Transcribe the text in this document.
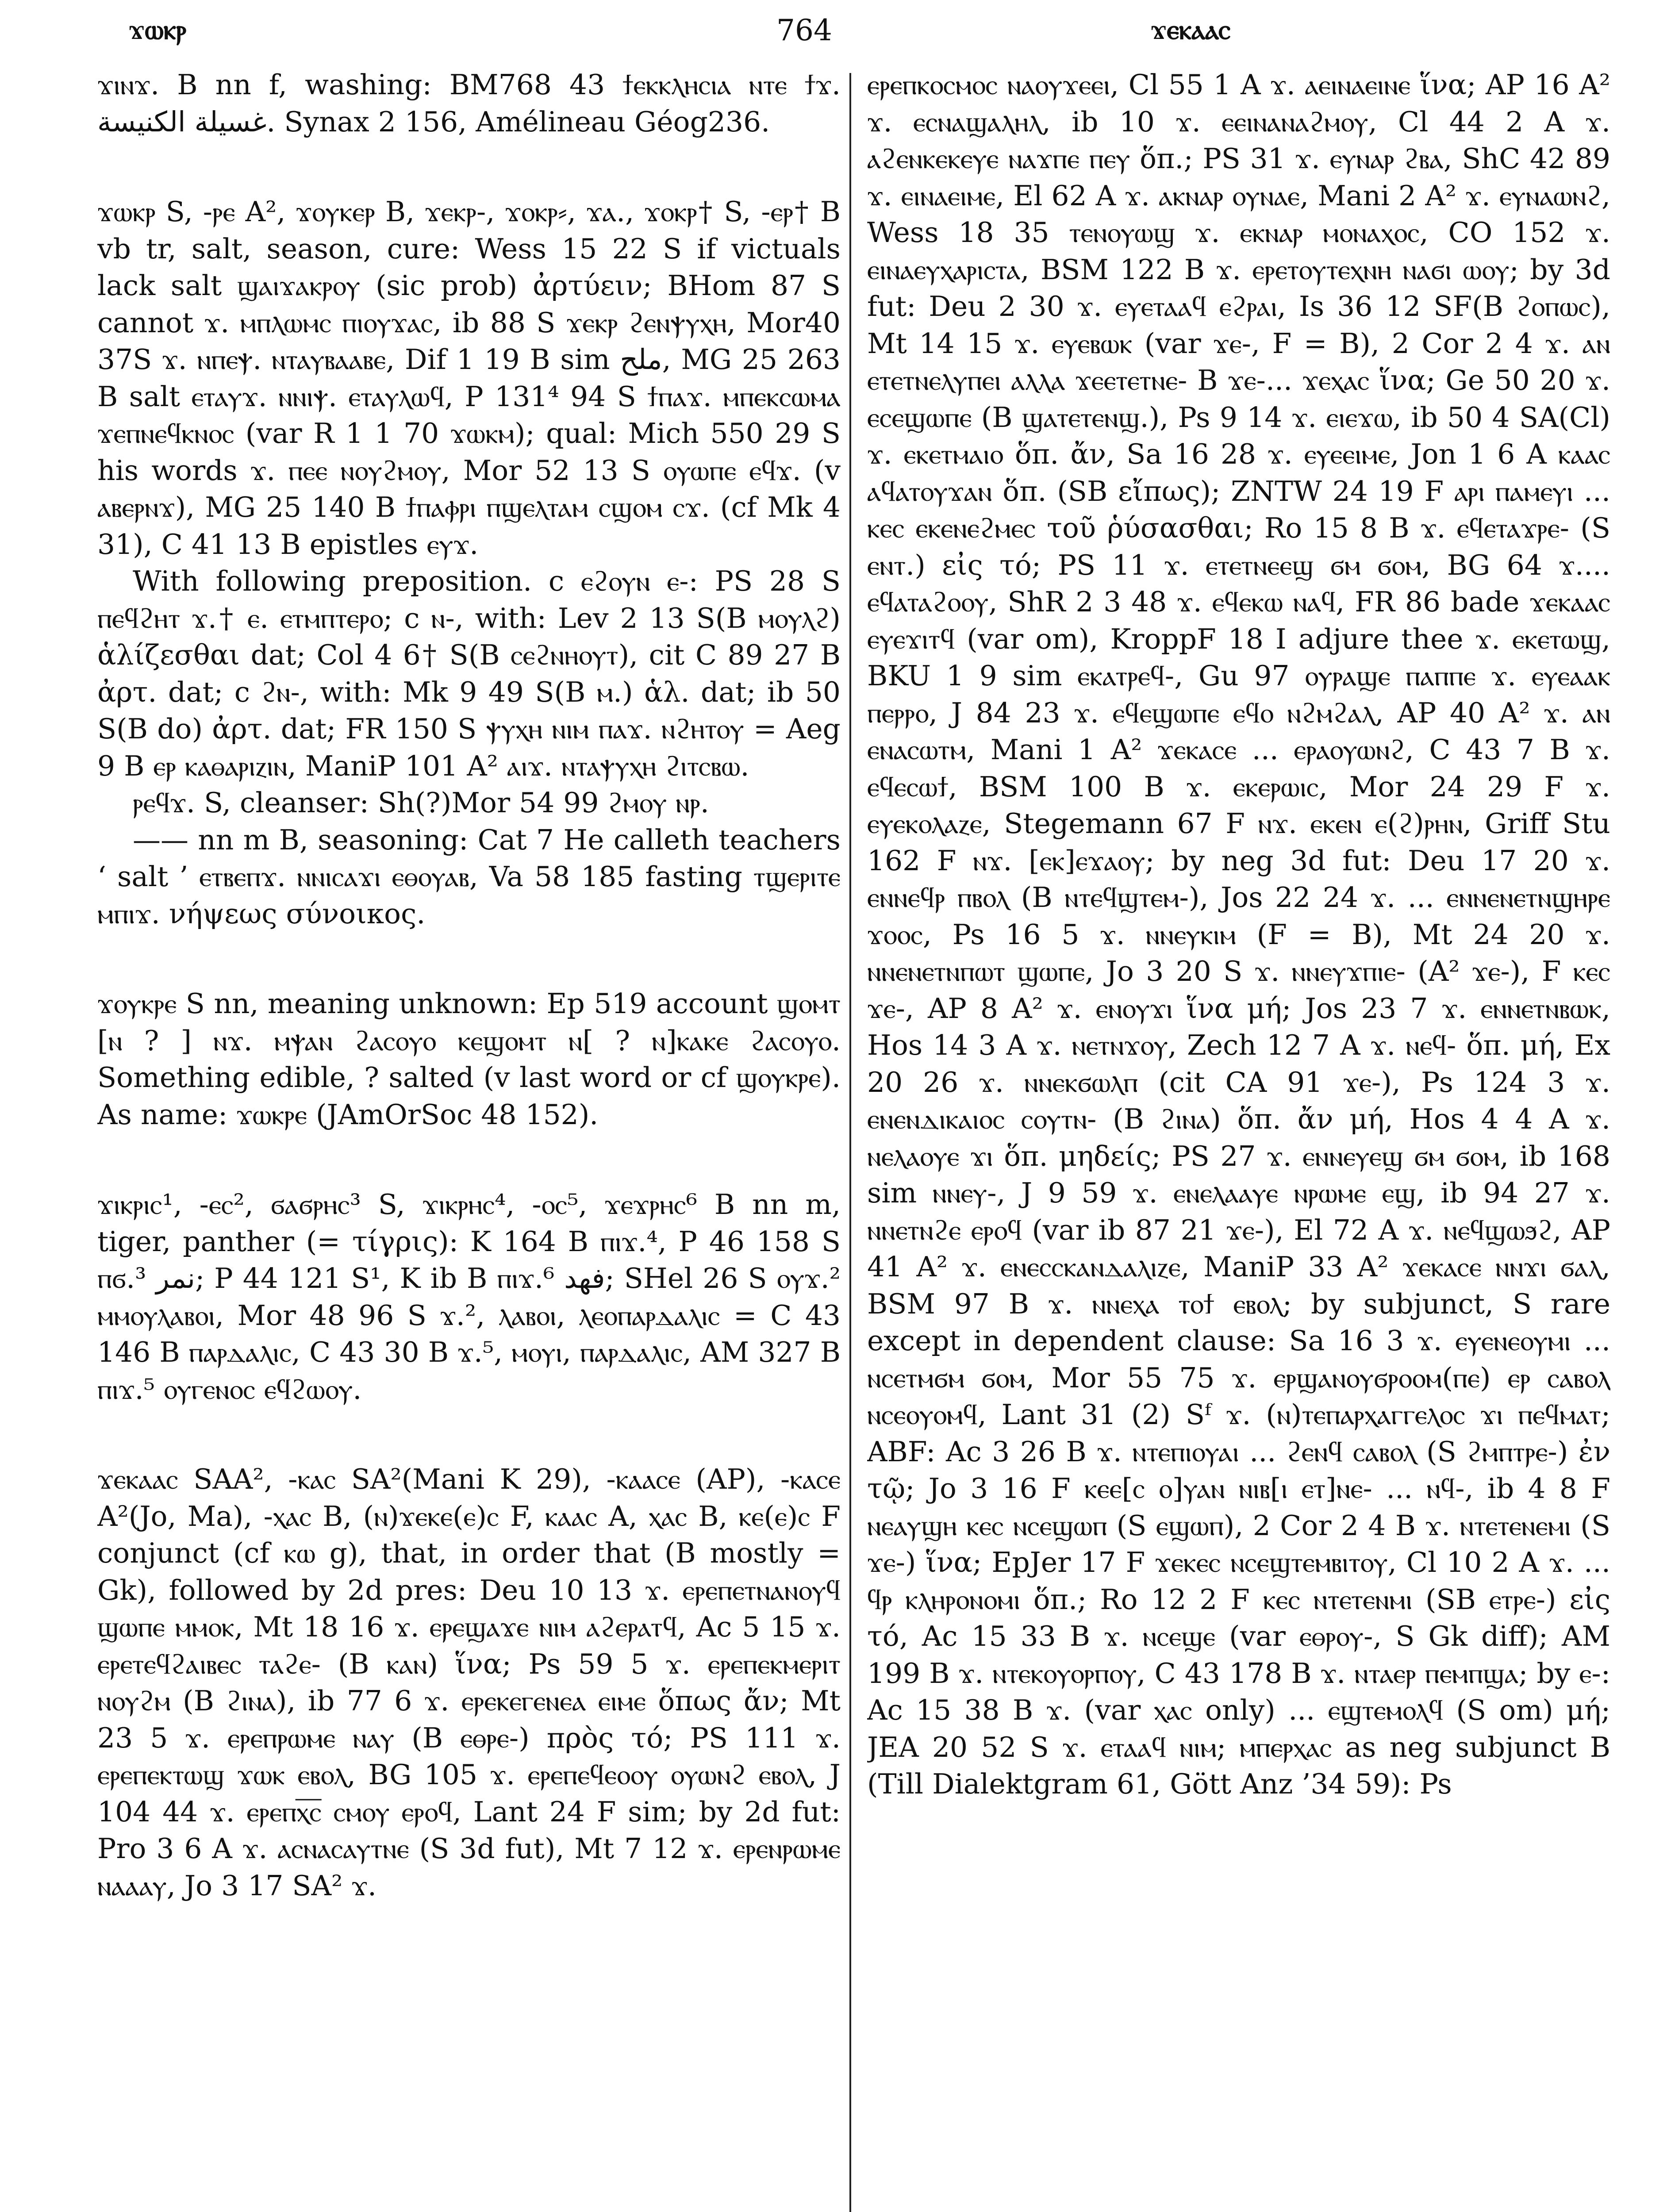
ϫⲱⲕⲣ	764	ϫⲉⲕⲁⲁⲥ

ϫⲓⲛϫ. B nn f, washing: BM768 43 ϯⲉⲕⲕⲗⲏⲥⲓⲁ ⲛⲧⲉ ϯϫ. غسيلة الكنيسة. Synax 2 156, Amélineau Géog236.

ϫⲱⲕⲣ S, -ⲣⲉ A², ϫⲟⲩⲕⲉⲣ B, ϫⲉⲕⲣ-, ϫⲟⲕⲣ⸗, ϫⲁ., ϫⲟⲕⲣ† S, -ⲉⲣ† B vb tr, salt, season, cure: Wess 15 22 S if victuals lack salt ϣⲁⲓϫⲁⲕⲣⲟⲩ (sic prob) ἀρτύειν; BHom 87 S cannot ϫ. ⲙⲡⲗⲱⲙⲥ ⲡⲓⲟⲩϫⲁⲥ, ib 88 S ϫⲉⲕⲣ ϩⲉⲛⲯⲩⲭⲏ, Mor40 37S ϫ. ⲛⲡⲉⲯ. ⲛⲧⲁⲩⲃⲁⲁⲃⲉ, Dif 1 19 B sim ملح, MG 25 263 B salt ⲉⲧⲁⲩϫ. ⲛⲛⲓⲯ. ⲉⲧⲁⲩⲗⲱϥ, P 131⁴ 94 S ϯⲡⲁϫ. ⲙⲡⲉⲕⲥⲱⲙⲁ ϫⲉⲡⲛⲉϥⲕⲛⲟⲥ (var R 1 1 70 ϫⲱⲕⲙ); qual: Mich 550 29 S his words ϫ. ⲡⲉⲉ ⲛⲟⲩϩⲙⲟⲩ, Mor 52 13 S ⲟⲩⲱⲡⲉ ⲉϥϫ. (v ⲁⲃⲉⲣⲛϫ), MG 25 140 B ϯⲡⲁⲫⲣⲓ ⲡϣⲉⲗⲧⲁⲙ ⲥϣⲟⲙ ⲥϫ. (cf Mk 4 31), C 41 13 B epistles ⲉⲩϫ.

With following preposition. c ⲉϩⲟⲩⲛ ⲉ-: PS 28 S ⲡⲉϥϩⲏⲧ ϫ.† ⲉ. ⲉⲧⲙⲡⲧⲉⲣⲟ; c ⲛ-, with: Lev 2 13 S(B ⲙⲟⲩⲗϩ) ἁλίζεσθαι dat; Col 4 6† S(B ⲥⲉϩⲛⲏⲟⲩⲧ), cit C 89 27 B ἀρτ. dat; c ϩⲛ-, with: Mk 9 49 S(B ⲙ.) ἁλ. dat; ib 50 S(B do) ἀρτ. dat; FR 150 S ⲯⲩⲭⲏ ⲛⲓⲙ ⲡⲁϫ. ⲛϩⲏⲧⲟⲩ = Aeg 9 B ⲉⲣ ⲕⲁⲑⲁⲣⲓⲍⲓⲛ, ManiP 101 A² ⲁⲓϫ. ⲛⲧⲁⲯⲩⲭⲏ ϩⲓⲧⲥⲃⲱ.

ⲣⲉϥϫ. S, cleanser: Sh(?)Mor 54 99 ϩⲙⲟⲩ ⲛⲣ.

—— nn m B, seasoning: Cat 7 He calleth teachers ‘ salt ’ ⲉⲧⲃⲉⲡϫ. ⲛⲛⲓⲥⲁϫⲓ ⲉⲑⲟⲩⲁⲃ, Va 58 185 fasting ⲧϣⲉⲣⲓⲧⲉ ⲙⲡⲓϫ. νήψεως σύνοικος.

ϫⲟⲩⲕⲣⲉ S nn, meaning unknown: Ep 519 account ϣⲟⲙⲧ [ⲛ ? ] ⲛϫ. ⲙⲯⲁⲛ ϩⲁⲥⲟⲩⲟ ⲕⲉϣⲟⲙⲧ ⲛ[ ? ⲛ]ⲕⲁⲕⲉ ϩⲁⲥⲟⲩⲟ. Something edible, ? salted (v last word or cf ϣⲟⲩⲕⲣⲉ). As name: ϫⲱⲕⲣⲉ (JAmOrSoc 48 152).

ϫⲓⲕⲣⲓⲥ¹, -ⲉⲥ², ϭⲁϭⲣⲏⲥ³ S, ϫⲓⲕⲣⲏⲥ⁴, -ⲟⲥ⁵, ϫⲉϫⲣⲏⲥ⁶ B nn m, tiger, panther (= τίγρις): K 164 B ⲡⲓϫ.⁴, P 46 158 S ⲡϭ.³ نمر; P 44 121 S¹, K ib B ⲡⲓϫ.⁶ فهد; SHel 26 S ⲟⲩϫ.² ⲙⲙⲟⲩⲗⲁⲃⲟⲓ, Mor 48 96 S ϫ.², ⲗⲁⲃⲟⲓ, ⲗⲉⲟⲡⲁⲣⲇⲁⲗⲓⲥ = C 43 146 B ⲡⲁⲣⲇⲁⲗⲓⲥ, C 43 30 B ϫ.⁵, ⲙⲟⲩⲓ, ⲡⲁⲣⲇⲁⲗⲓⲥ, AM 327 B ⲡⲓϫ.⁵ ⲟⲩⲅⲉⲛⲟⲥ ⲉϥϩⲱⲟⲩ.

ϫⲉⲕⲁⲁⲥ SAA², -ⲕⲁⲥ SA²(Mani K 29), -ⲕⲁⲁⲥⲉ (AP), -ⲕⲁⲥⲉ A²(Jo, Ma), -ⲭⲁⲥ B, (ⲛ)ϫⲉⲕⲉ(ⲉ)ⲥ F, ⲕⲁⲁⲥ A, ⲭⲁⲥ B, ⲕⲉ(ⲉ)ⲥ F conjunct (cf ⲕⲱ g), that, in order that (B mostly = Gk), followed by 2d pres: Deu 10 13 ϫ. ⲉⲣⲉⲡⲉⲧⲛⲁⲛⲟⲩϥ ϣⲱⲡⲉ ⲙⲙⲟⲕ, Mt 18 16 ϫ. ⲉⲣⲉϣⲁϫⲉ ⲛⲓⲙ ⲁϩⲉⲣⲁⲧϥ, Ac 5 15 ϫ. ⲉⲣⲉⲧⲉϥϩⲁⲓⲃⲉⲥ ⲧⲁϩⲉ- (B ⲕⲁⲛ) ἵνα; Ps 59 5 ϫ. ⲉⲣⲉⲡⲉⲕⲙⲉⲣⲓⲧ ⲛⲟⲩϩⲙ (B ϩⲓⲛⲁ), ib 77 6 ϫ. ⲉⲣⲉⲕⲉⲅⲉⲛⲉⲁ ⲉⲓⲙⲉ ὅπως ἄν; Mt 23 5 ϫ. ⲉⲣⲉⲡⲣⲱⲙⲉ ⲛⲁⲩ (B ⲉⲑⲣⲉ-) πρὸς τό; PS 111 ϫ. ⲉⲣⲉⲡⲉⲕⲧⲱϣ ϫⲱⲕ ⲉⲃⲟⲗ, BG 105 ϫ. ⲉⲣⲉⲡⲉϥⲉⲟⲟⲩ ⲟⲩⲱⲛϩ ⲉⲃⲟⲗ, J 104 44 ϫ. ⲉⲣⲉⲡⲭ̅ⲥ̅ ⲥⲙⲟⲩ ⲉⲣⲟϥ, Lant 24 F sim; by 2d fut: Pro 3 6 A ϫ. ⲁⲥⲛⲁⲥⲁⲩⲧⲛⲉ (S 3d fut), Mt 7 12 ϫ. ⲉⲣⲉⲛⲣⲱⲙⲉ ⲛⲁⲁⲁⲩ, Jo 3 17 SA² ϫ.

ⲉⲣⲉⲡⲕⲟⲥⲙⲟⲥ ⲛⲁⲟⲩϫⲉⲉⲓ, Cl 55 1 A ϫ. ⲁⲉⲓⲛⲁⲉⲓⲛⲉ ἵνα; AP 16 A² ϫ. ⲉⲥⲛⲁϣⲁⲗⲏⲗ, ib 10 ϫ. ⲉⲉⲓⲛⲁⲛⲁϩⲙⲟⲩ, Cl 44 2 A ϫ. ⲁϩⲉⲛⲕⲉⲕⲉⲩⲉ ⲛⲁϫⲡⲉ ⲡⲉⲩ ὅπ.; PS 31 ϫ. ⲉⲩⲛⲁⲣ ϩⲃⲁ, ShC 42 89 ϫ. ⲉⲓⲛⲁⲉⲓⲙⲉ, El 62 A ϫ. ⲁⲕⲛⲁⲣ ⲟⲩⲛⲁⲉ, Mani 2 A² ϫ. ⲉⲩⲛⲁⲱⲛϩ, Wess 18 35 ⲧⲉⲛⲟⲩⲱϣ ϫ. ⲉⲕⲛⲁⲣ ⲙⲟⲛⲁⲭⲟⲥ, CO 152 ϫ. ⲉⲓⲛⲁⲉⲩⲭⲁⲣⲓⲥⲧⲁ, BSM 122 B ϫ. ⲉⲣⲉⲧⲟⲩⲧⲉⲭⲛⲏ ⲛⲁϭⲓ ⲱⲟⲩ; by 3d fut: Deu 2 30 ϫ. ⲉⲩⲉⲧⲁⲁϥ ⲉϩⲣⲁⲓ, Is 36 12 SF(B ϩⲟⲡⲱⲥ), Mt 14 15 ϫ. ⲉⲩⲉⲃⲱⲕ (var ϫⲉ-, F = B), 2 Cor 2 4 ϫ. ⲁⲛ ⲉⲧⲉⲧⲛⲉⲗⲩⲡⲉⲓ ⲁⲗⲗⲁ ϫⲉⲉⲧⲉⲧⲛⲉ- B ϫⲉ-... ϫⲉⲭⲁⲥ ἵνα; Ge 50 20 ϫ. ⲉⲥⲉϣⲱⲡⲉ (B ϣⲁⲧⲉⲧⲉⲛϣ.), Ps 9 14 ϫ. ⲉⲓⲉϫⲱ, ib 50 4 SA(Cl) ϫ. ⲉⲕⲉⲧⲙⲁⲓⲟ ὅπ. ἄν, Sa 16 28 ϫ. ⲉⲩⲉⲉⲓⲙⲉ, Jon 1 6 A ⲕⲁⲁⲥ ⲁϥⲁⲧⲟⲩϫⲁⲛ ὅπ. (SB εἴπως); ZNTW 24 19 F ⲁⲣⲓ ⲡⲁⲙⲉⲩⲓ ... ⲕⲉⲥ ⲉⲕⲉⲛⲉϩⲙⲉⲥ τοῦ ῥύσασθαι; Ro 15 8 B ϫ. ⲉϥⲉⲧⲁϫⲣⲉ- (S ⲉⲛⲧ.) εἰς τό; PS 11 ϫ. ⲉⲧⲉⲧⲛⲉⲉϣ ϭⲙ ϭⲟⲙ, BG 64 ϫ.... ⲉϥⲁⲧⲁϩⲟⲟⲩ, ShR 2 3 48 ϫ. ⲉϥⲉⲕⲱ ⲛⲁϥ, FR 86 bade ϫⲉⲕⲁⲁⲥ ⲉⲩⲉϫⲓⲧϥ (var om), KroppF 18 I adjure thee ϫ. ⲉⲕⲉⲧⲱϣ, BKU 1 9 sim ⲉⲕⲁⲧⲣⲉϥ-, Gu 97 ⲟⲩⲣⲁϣⲉ ⲡⲁⲡⲡⲉ ϫ. ⲉⲩⲉⲁⲁⲕ ⲡⲉⲣⲣⲟ, J 84 23 ϫ. ⲉϥⲉϣⲱⲡⲉ ⲉϥⲟ ⲛϩⲙϩⲁⲗ, AP 40 A² ϫ. ⲁⲛ ⲉⲛⲁⲥⲱⲧⲙ, Mani 1 A² ϫⲉⲕⲁⲥⲉ ... ⲉⲣⲁⲟⲩⲱⲛϩ, C 43 7 B ϫ. ⲉϥⲉⲥⲱϯ, BSM 100 B ϫ. ⲉⲕⲉⲣⲱⲓⲥ, Mor 24 29 F ϫ. ⲉⲩⲉⲕⲟⲗⲁⲍⲉ, Stegemann 67 F ⲛϫ. ⲉⲕⲉⲛ ⲉ(ϩ)ⲣⲏⲛ, Griff Stu 162 F ⲛϫ. [ⲉⲕ]ⲉϫⲁⲟⲩ; by neg 3d fut: Deu 17 20 ϫ. ⲉⲛⲛⲉϥⲣ ⲡⲃⲟⲗ (B ⲛⲧⲉϥϣⲧⲉⲙ-), Jos 22 24 ϫ. ... ⲉⲛⲛⲉⲛⲉⲧⲛϣⲏⲣⲉ ϫⲟⲟⲥ, Ps 16 5 ϫ. ⲛⲛⲉⲩⲕⲓⲙ (F = B), Mt 24 20 ϫ. ⲛⲛⲉⲛⲉⲧⲛⲡⲱⲧ ϣⲱⲡⲉ, Jo 3 20 S ϫ. ⲛⲛⲉⲩϫⲡⲓⲉ- (A² ϫⲉ-), F ⲕⲉⲥ ϫⲉ-, AP 8 A² ϫ. ⲉⲛⲟⲩϫⲓ ἵνα μή; Jos 23 7 ϫ. ⲉⲛⲛⲉⲧⲛⲃⲱⲕ, Hos 14 3 A ϫ. ⲛⲉⲧⲛϫⲟⲩ, Zech 12 7 A ϫ. ⲛⲉϥ- ὅπ. μή, Ex 20 26 ϫ. ⲛⲛⲉⲕϭⲱⲗⲡ (cit CA 91 ϫⲉ-), Ps 124 3 ϫ. ⲉⲛⲉⲛⲇⲓⲕⲁⲓⲟⲥ ⲥⲟⲩⲧⲛ- (B ϩⲓⲛⲁ) ὅπ. ἄν μή, Hos 4 4 A ϫ. ⲛⲉⲗⲁⲟⲩⲉ ϫⲓ ὅπ. μηδείς; PS 27 ϫ. ⲉⲛⲛⲉⲩⲉϣ ϭⲙ ϭⲟⲙ, ib 168 sim ⲛⲛⲉⲩ-, J 9 59 ϫ. ⲉⲛⲉⲗⲁⲁⲩⲉ ⲛⲣⲱⲙⲉ ⲉϣ, ib 94 27 ϫ. ⲛⲛⲉⲧⲛϩⲉ ⲉⲣⲟϥ (var ib 87 21 ϫⲉ-), El 72 A ϫ. ⲛⲉϥϣⲱϧϩ, AP 41 A² ϫ. ⲉⲛⲉⲥⲥⲕⲁⲛⲇⲁⲗⲓⲍⲉ, ManiP 33 A² ϫⲉⲕⲁⲥⲉ ⲛⲛϫⲓ ϭⲁⲗ, BSM 97 B ϫ. ⲛⲛⲉⲭⲁ ⲧⲟϯ ⲉⲃⲟⲗ; by subjunct, S rare except in dependent clause: Sa 16 3 ϫ. ⲉⲩⲉⲛⲉⲟⲩⲙⲓ ... ⲛⲥⲉⲧⲙϭⲙ ϭⲟⲙ, Mor 55 75 ϫ. ⲉⲣϣⲁⲛⲟⲩϭⲣⲟⲟⲙ(ⲡⲉ) ⲉⲣ ⲥⲁⲃⲟⲗ ⲛⲥⲉⲟⲩⲟⲙϥ, Lant 31 (2) Sᶠ ϫ. (ⲛ)ⲧⲉⲡⲁⲣⲭⲁⲅⲅⲉⲗⲟⲥ ϫⲓ ⲡⲉϥⲙⲁⲧ; ABF: Ac 3 26 B ϫ. ⲛⲧⲉⲡⲓⲟⲩⲁⲓ ... ϩⲉⲛϥ ⲥⲁⲃⲟⲗ (S ϩⲙⲡⲧⲣⲉ-) ἐν τῷ; Jo 3 16 F ⲕⲉⲉ[ⲥ ⲟ]ⲩⲁⲛ ⲛⲓⲃ[ⲓ ⲉⲧ]ⲛⲉ- ... ⲛϥ-, ib 4 8 F ⲛⲉⲁⲩϣⲏ ⲕⲉⲥ ⲛⲥⲉϣⲱⲡ (S ⲉϣⲱⲡ), 2 Cor 2 4 B ϫ. ⲛⲧⲉⲧⲉⲛⲉⲙⲓ (S ϫⲉ-) ἵνα; EpJer 17 F ϫⲉⲕⲉⲥ ⲛⲥⲉϣⲧⲉⲙⲃⲓⲧⲟⲩ, Cl 10 2 A ϫ. ... ϥⲣ ⲕⲗⲏⲣⲟⲛⲟⲙⲓ ὅπ.; Ro 12 2 F ⲕⲉⲥ ⲛⲧⲉⲧⲉⲛⲙⲓ (SB ⲉⲧⲣⲉ-) εἰς τό, Ac 15 33 B ϫ. ⲛⲥⲉϣⲉ (var ⲉⲑⲣⲟⲩ-, S Gk diff); AM 199 B ϫ. ⲛⲧⲉⲕⲟⲩⲟⲣⲡⲟⲩ, C 43 178 B ϫ. ⲛⲧⲁⲉⲣ ⲡⲉⲙⲡϣⲁ; by ⲉ-: Ac 15 38 B ϫ. (var ⲭⲁⲥ only) ... ⲉϣⲧⲉⲙⲟⲗϥ (S om) μή; JEA 20 52 S ϫ. ⲉⲧⲁⲁϥ ⲛⲓⲙ; ⲙⲡⲉⲣⲭⲁⲥ as neg subjunct B (Till Dialektgram 61, Gött Anz ’34 59): Ps
